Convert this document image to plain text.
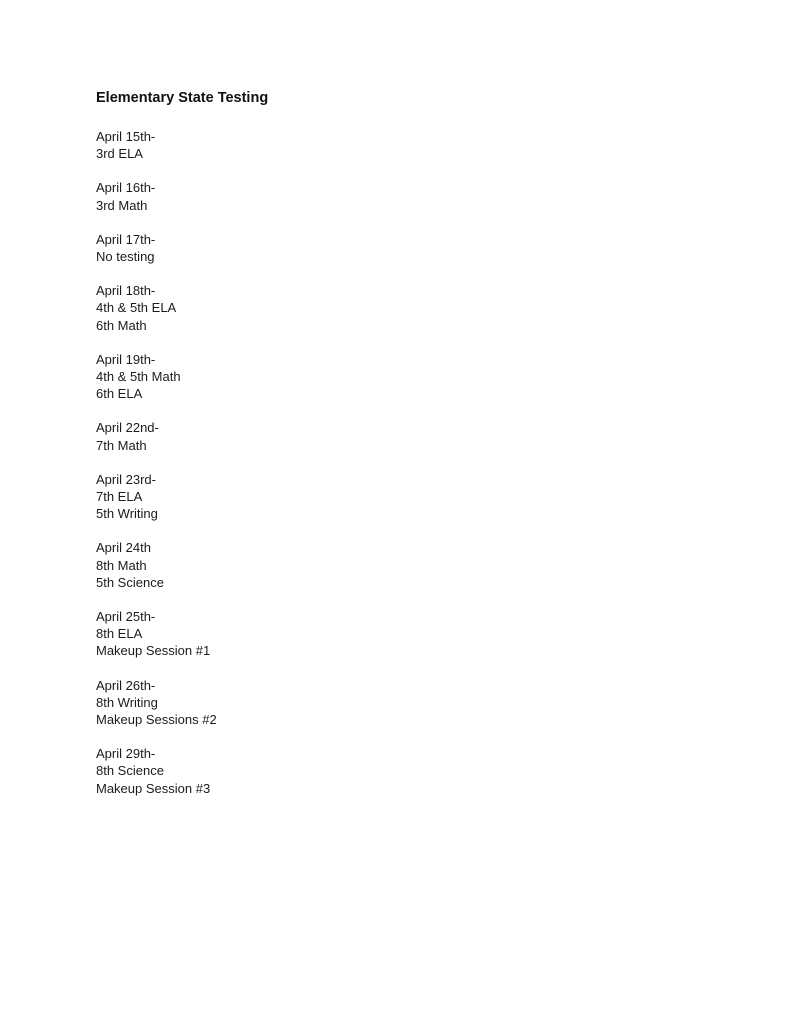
Elementary State Testing
April 15th-
3rd ELA
April 16th-
3rd Math
April 17th-
No testing
April 18th-
4th & 5th ELA
6th Math
April 19th-
4th & 5th Math
6th ELA
April 22nd-
7th Math
April 23rd-
7th ELA
5th Writing
April 24th
8th Math
5th Science
April 25th-
8th ELA
Makeup Session #1
April 26th-
8th Writing
Makeup Sessions #2
April 29th-
8th Science
Makeup Session #3
